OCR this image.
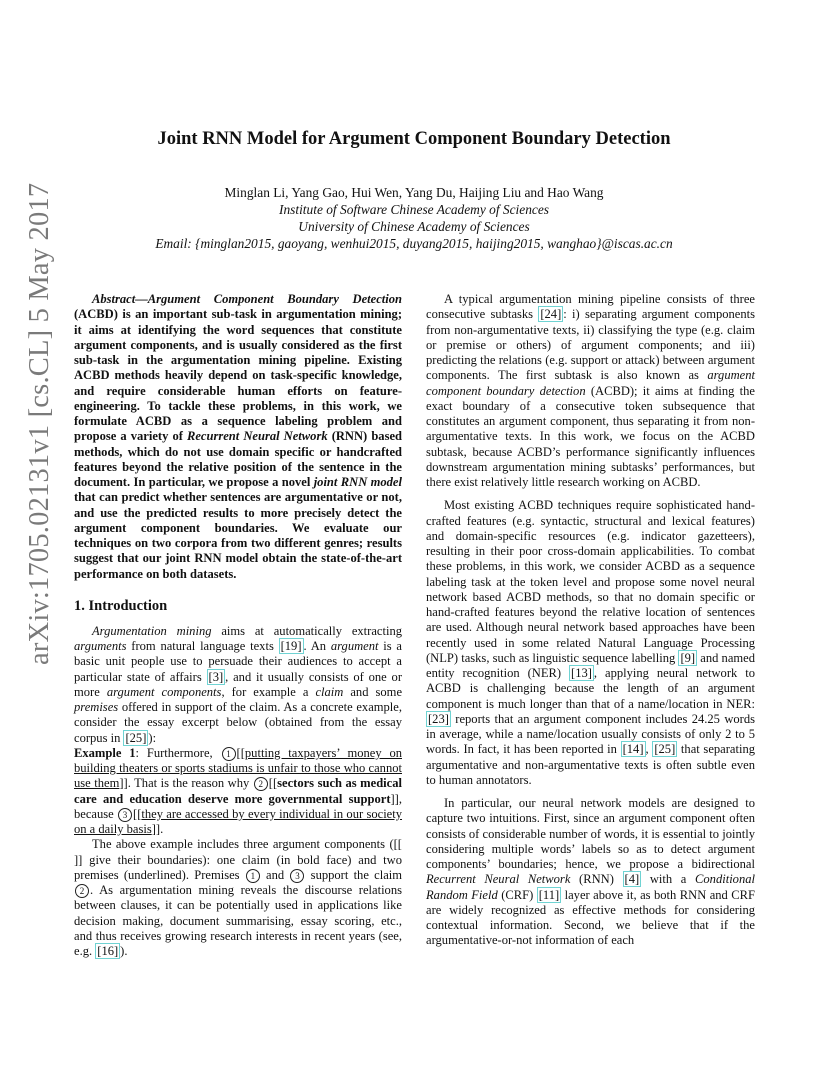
arXiv:1705.02131v1 [cs.CL] 5 May 2017
Joint RNN Model for Argument Component Boundary Detection
Minglan Li, Yang Gao, Hui Wen, Yang Du, Haijing Liu and Hao Wang
Institute of Software Chinese Academy of Sciences
University of Chinese Academy of Sciences
Email: {minglan2015, gaoyang, wenhui2015, duyang2015, haijing2015, wanghao}@iscas.ac.cn

Abstract—Argument Component Boundary Detection (ACBD) is an important sub-task in argumentation mining; it aims at identifying the word sequences that constitute argument components, and is usually considered as the first sub-task in the argumentation mining pipeline. Existing ACBD methods heavily depend on task-specific knowledge, and require considerable human efforts on feature-engineering. To tackle these problems, in this work, we formulate ACBD as a sequence labeling problem and propose a variety of Recurrent Neural Network (RNN) based methods, which do not use domain specific or handcrafted features beyond the relative position of the sentence in the document. In particular, we propose a novel joint RNN model that can predict whether sentences are argumentative or not, and use the predicted results to more precisely detect the argument component boundaries. We evaluate our techniques on two corpora from two different genres; results suggest that our joint RNN model obtain the state-of-the-art performance on both datasets.

1. Introduction

Argumentation mining aims at automatically extracting arguments from natural language texts [19] . An argument is a basic unit people use to persuade their audiences to accept a particular state of affairs [3] , and it usually consists of one or more argument components, for example a claim and some premises offered in support of the claim. As a concrete example, consider the essay excerpt below (obtained from the essay corpus in [25] ):

Example 1: Furthermore, 1 [[putting taxpayers’ money on building theaters or sports stadiums is unfair to those who cannot use them]]. That is the reason why 2 [[sectors such as medical care and education deserve more governmental support]], because 3 [[they are accessed by every individual in our society on a daily basis]].

The above example includes three argument components ([[ ]] give their boundaries): one claim (in bold face) and two premises (underlined). Premises 1 and 3 support the claim 2 . As argumentation mining reveals the discourse relations between clauses, it can be potentially used in applications like decision making, document summarising, essay scoring, etc., and thus receives growing research interests in recent years (see, e.g. [16] ).

A typical argumentation mining pipeline consists of three consecutive subtasks [24] : i) separating argument components from non-argumentative texts, ii) classifying the type (e.g. claim or premise or others) of argument components; and iii) predicting the relations (e.g. support or attack) between argument components. The first subtask is also known as argument component boundary detection (ACBD); it aims at finding the exact boundary of a consecutive token subsequence that constitutes an argument component, thus separating it from non-argumentative texts. In this work, we focus on the ACBD subtask, because ACBD’s performance significantly influences downstream argumentation mining subtasks’ performances, but there exist relatively little research working on ACBD.

Most existing ACBD techniques require sophisticated hand-crafted features (e.g. syntactic, structural and lexical features) and domain-specific resources (e.g. indicator gazetteers), resulting in their poor cross-domain applicabilities. To combat these problems, in this work, we consider ACBD as a sequence labeling task at the token level and propose some novel neural network based ACBD methods, so that no domain specific or hand-crafted features beyond the relative location of sentences are used. Although neural network based approaches have been recently used in some related Natural Language Processing (NLP) tasks, such as linguistic sequence labelling [9] and named entity recognition (NER) [13] , applying neural network to ACBD is challenging because the length of an argument component is much longer than that of a name/location in NER: [23] reports that an argument component includes 24.25 words in average, while a name/location usually consists of only 2 to 5 words. In fact, it has been reported in [14] , [25] that separating argumentative and non-argumentative texts is often subtle even to human annotators.

In particular, our neural network models are designed to capture two intuitions. First, since an argument component often consists of considerable number of words, it is essential to jointly considering multiple words’ labels so as to detect argument components’ boundaries; hence, we propose a bidirectional Recurrent Neural Network (RNN) [4] with a Conditional Random Field (CRF) [11] layer above it, as both RNN and CRF are widely recognized as effective methods for considering contextual information. Second, we believe that if the argumentative-or-not information of each
